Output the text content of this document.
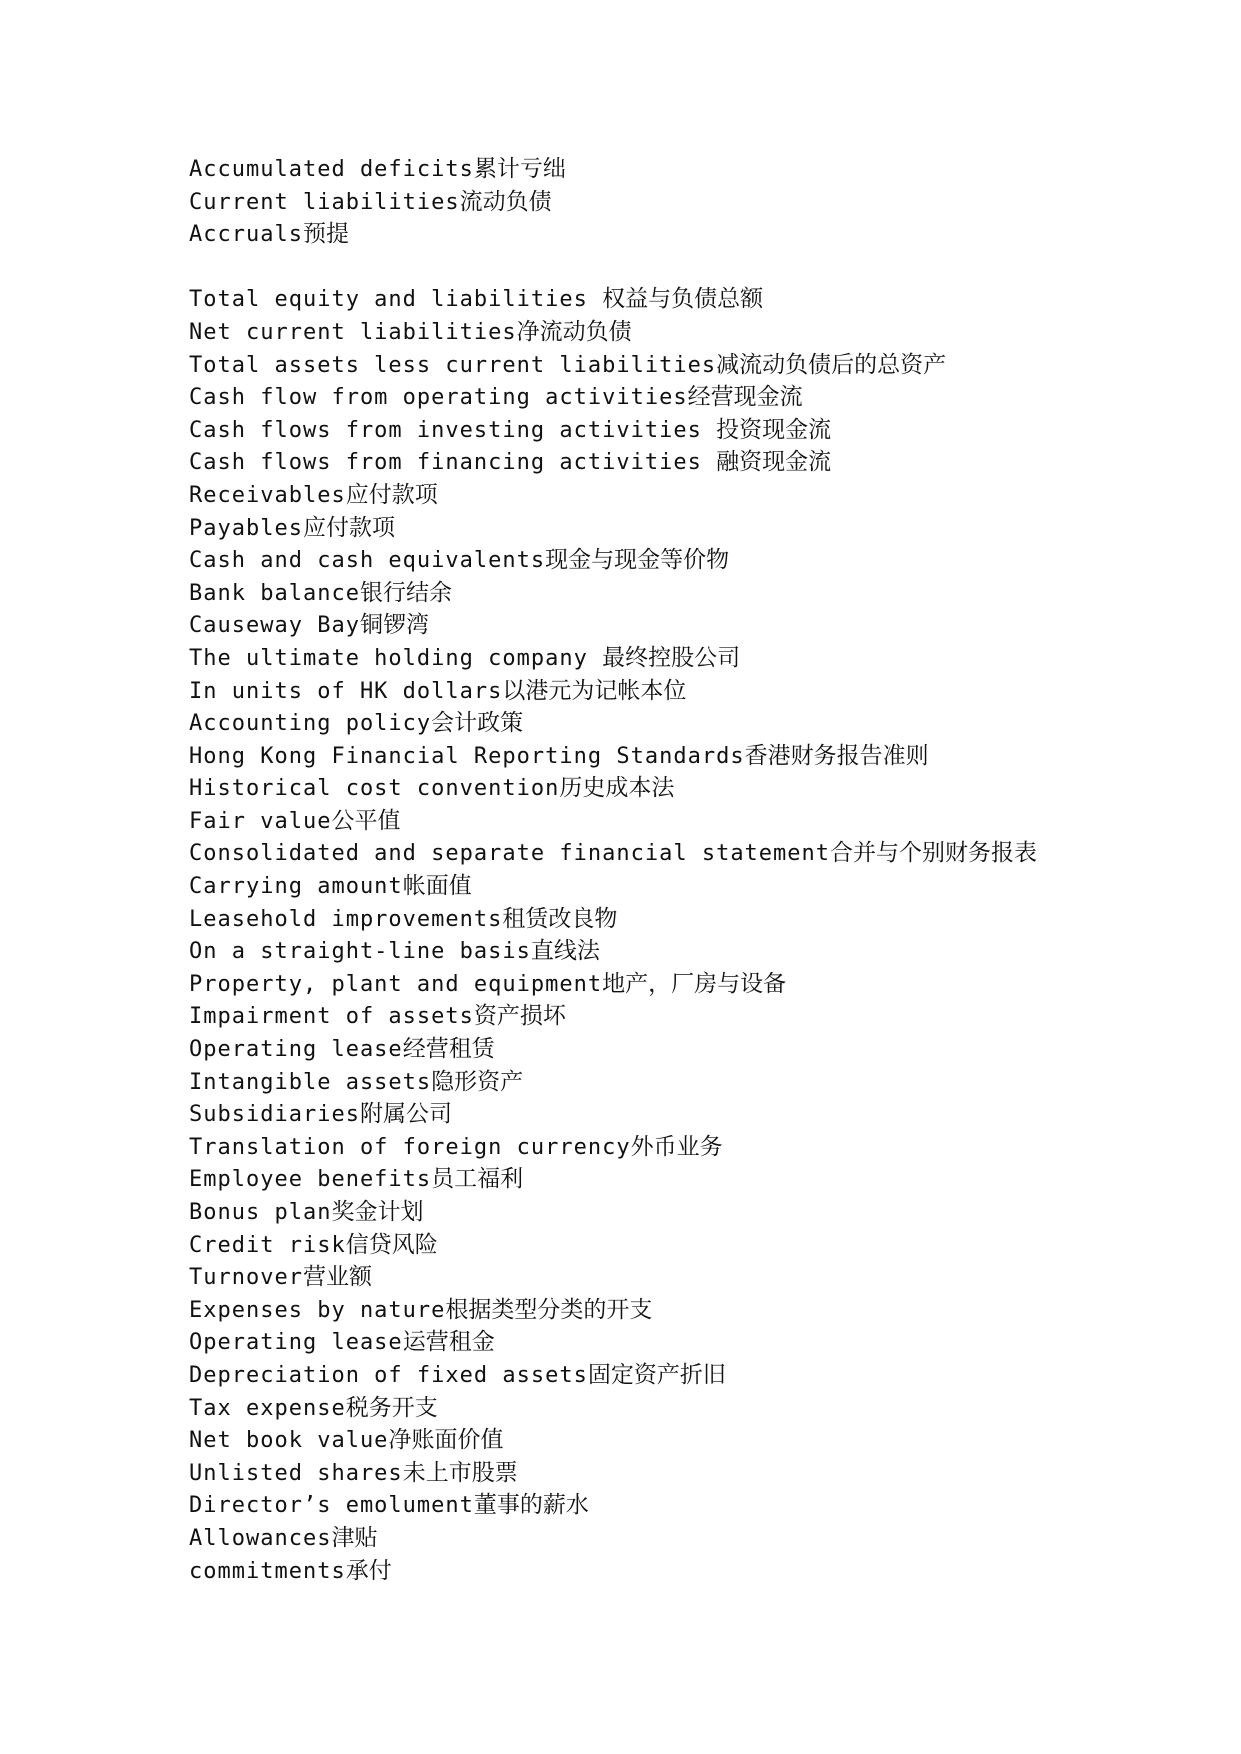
Accumulated deficits累计亏绌
Current liabilities流动负债
Accruals预提
Total equity and liabilities 权益与负债总额
Net current liabilities净流动负债
Total assets less current liabilities减流动负债后的总资产
Cash flow from operating activities经营现金流
Cash flows from investing activities 投资现金流
Cash flows from financing activities 融资现金流
Receivables应付款项
Payables应付款项
Cash and cash equivalents现金与现金等价物
Bank balance银行结余
Causeway Bay铜锣湾
The ultimate holding company 最终控股公司
In units of HK dollars以港元为记帐本位
Accounting policy会计政策
Hong Kong Financial Reporting Standards香港财务报告准则
Historical cost convention历史成本法
Fair value公平值
Consolidated and separate financial statement合并与个别财务报表
Carrying amount帐面值
Leasehold improvements租赁改良物
On a straight-line basis直线法
Property, plant and equipment地产，厂房与设备
Impairment of assets资产损坏
Operating lease经营租赁
Intangible assets隐形资产
Subsidiaries附属公司
Translation of foreign currency外币业务
Employee benefits员工福利
Bonus plan奖金计划
Credit risk信贷风险
Turnover营业额
Expenses by nature根据类型分类的开支
Operating lease运营租金
Depreciation of fixed assets固定资产折旧
Tax expense税务开支
Net book value净账面价值
Unlisted shares未上市股票
Director’s emolument董事的薪水
Allowances津贴
commitments承付
